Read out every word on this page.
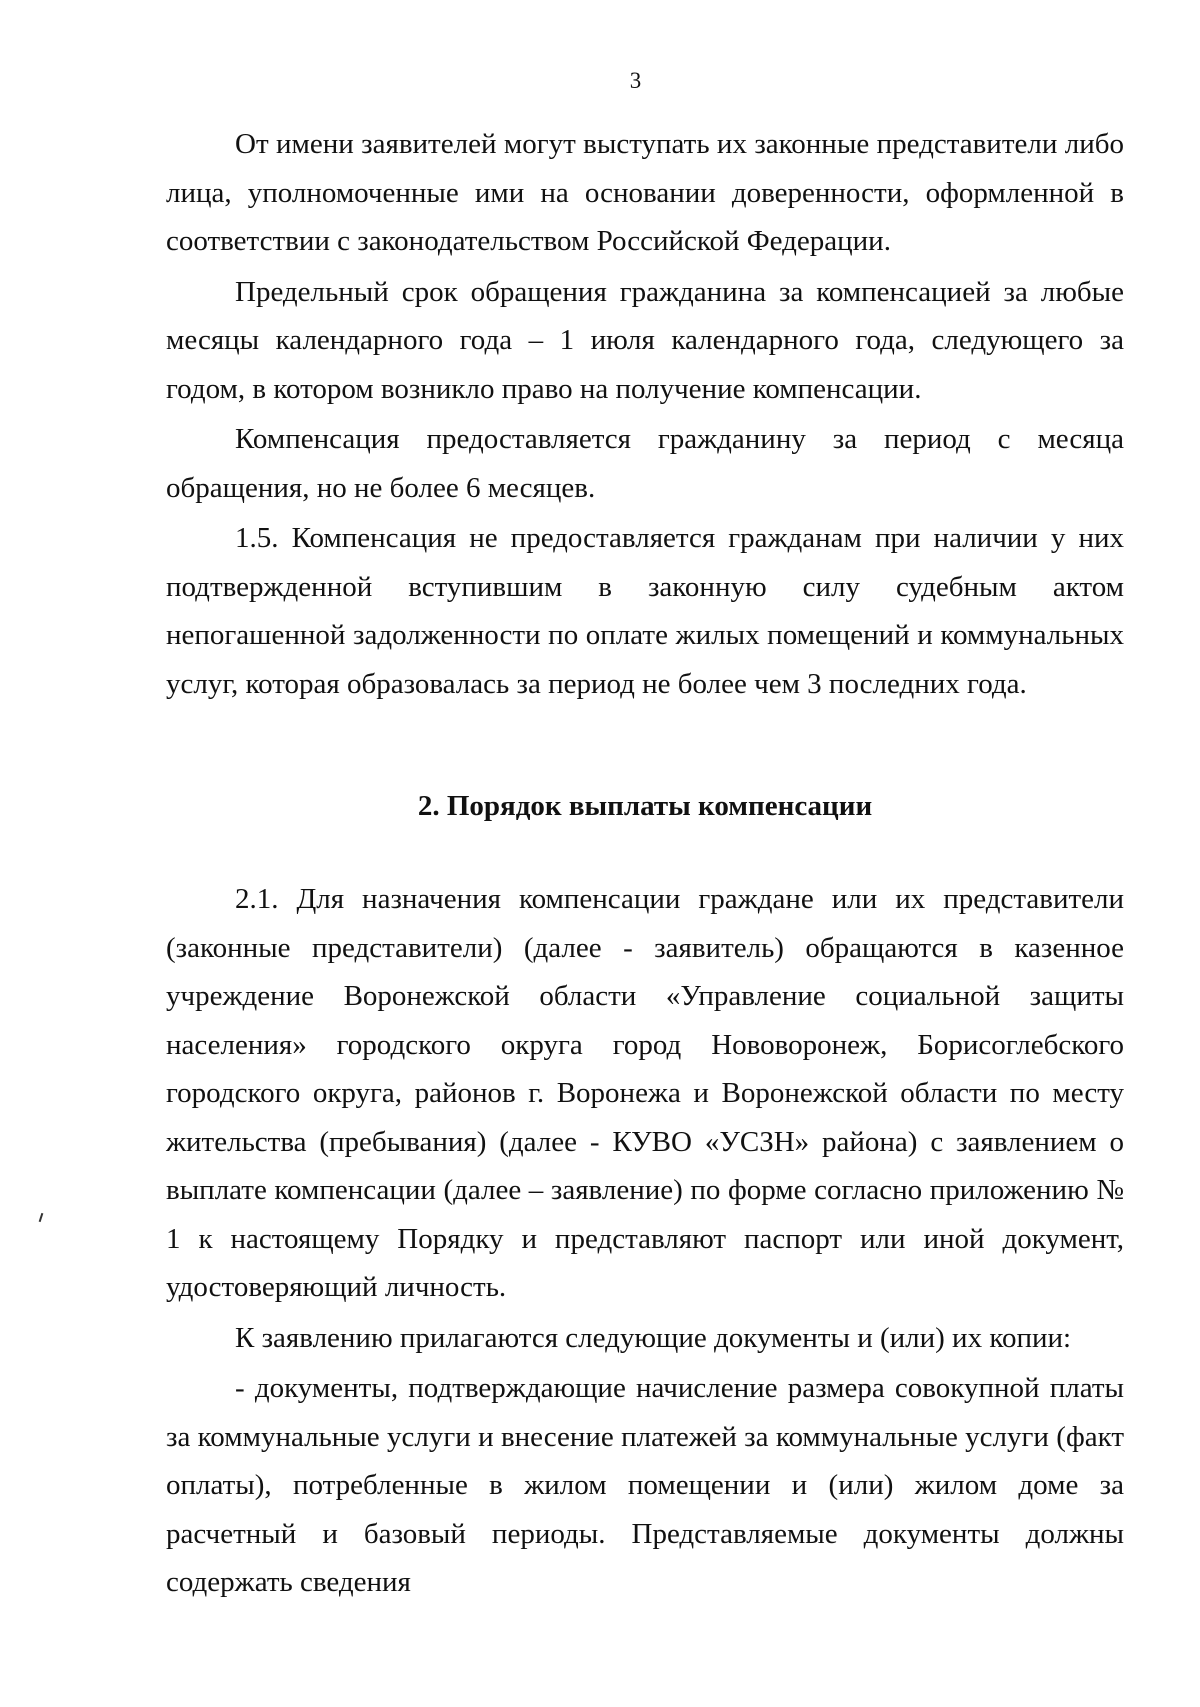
3

От имени заявителей могут выступать их законные представители либо лица, уполномоченные ими на основании доверенности, оформленной в соответствии с законодательством Российской Федерации.

Предельный срок обращения гражданина за компенсацией за любые месяцы календарного года – 1 июля календарного года, следующего за годом, в котором возникло право на получение компенсации.

Компенсация предоставляется гражданину за период с месяца обращения, но не более 6 месяцев.

1.5. Компенсация не предоставляется гражданам при наличии у них подтвержденной вступившим в законную силу судебным актом непогашенной задолженности по оплате жилых помещений и коммунальных услуг, которая образовалась за период не более чем 3 последних года.

2. Порядок выплаты компенсации

2.1. Для назначения компенсации граждане или их представители (законные представители) (далее - заявитель) обращаются в казенное учреждение Воронежской области «Управление социальной защиты населения» городского округа город Нововоронеж, Борисоглебского городского округа, районов г. Воронежа и Воронежской области по месту жительства (пребывания) (далее - КУВО «УСЗН» района) с заявлением о выплате компенсации (далее – заявление) по форме согласно приложению № 1 к настоящему Порядку и представляют паспорт или иной документ, удостоверяющий личность.

К заявлению прилагаются следующие документы и (или) их копии:

- документы, подтверждающие начисление размера совокупной платы за коммунальные услуги и внесение платежей за коммунальные услуги (факт оплаты), потребленные в жилом помещении и (или) жилом доме за расчетный и базовый периоды. Представляемые документы должны содержать сведения
